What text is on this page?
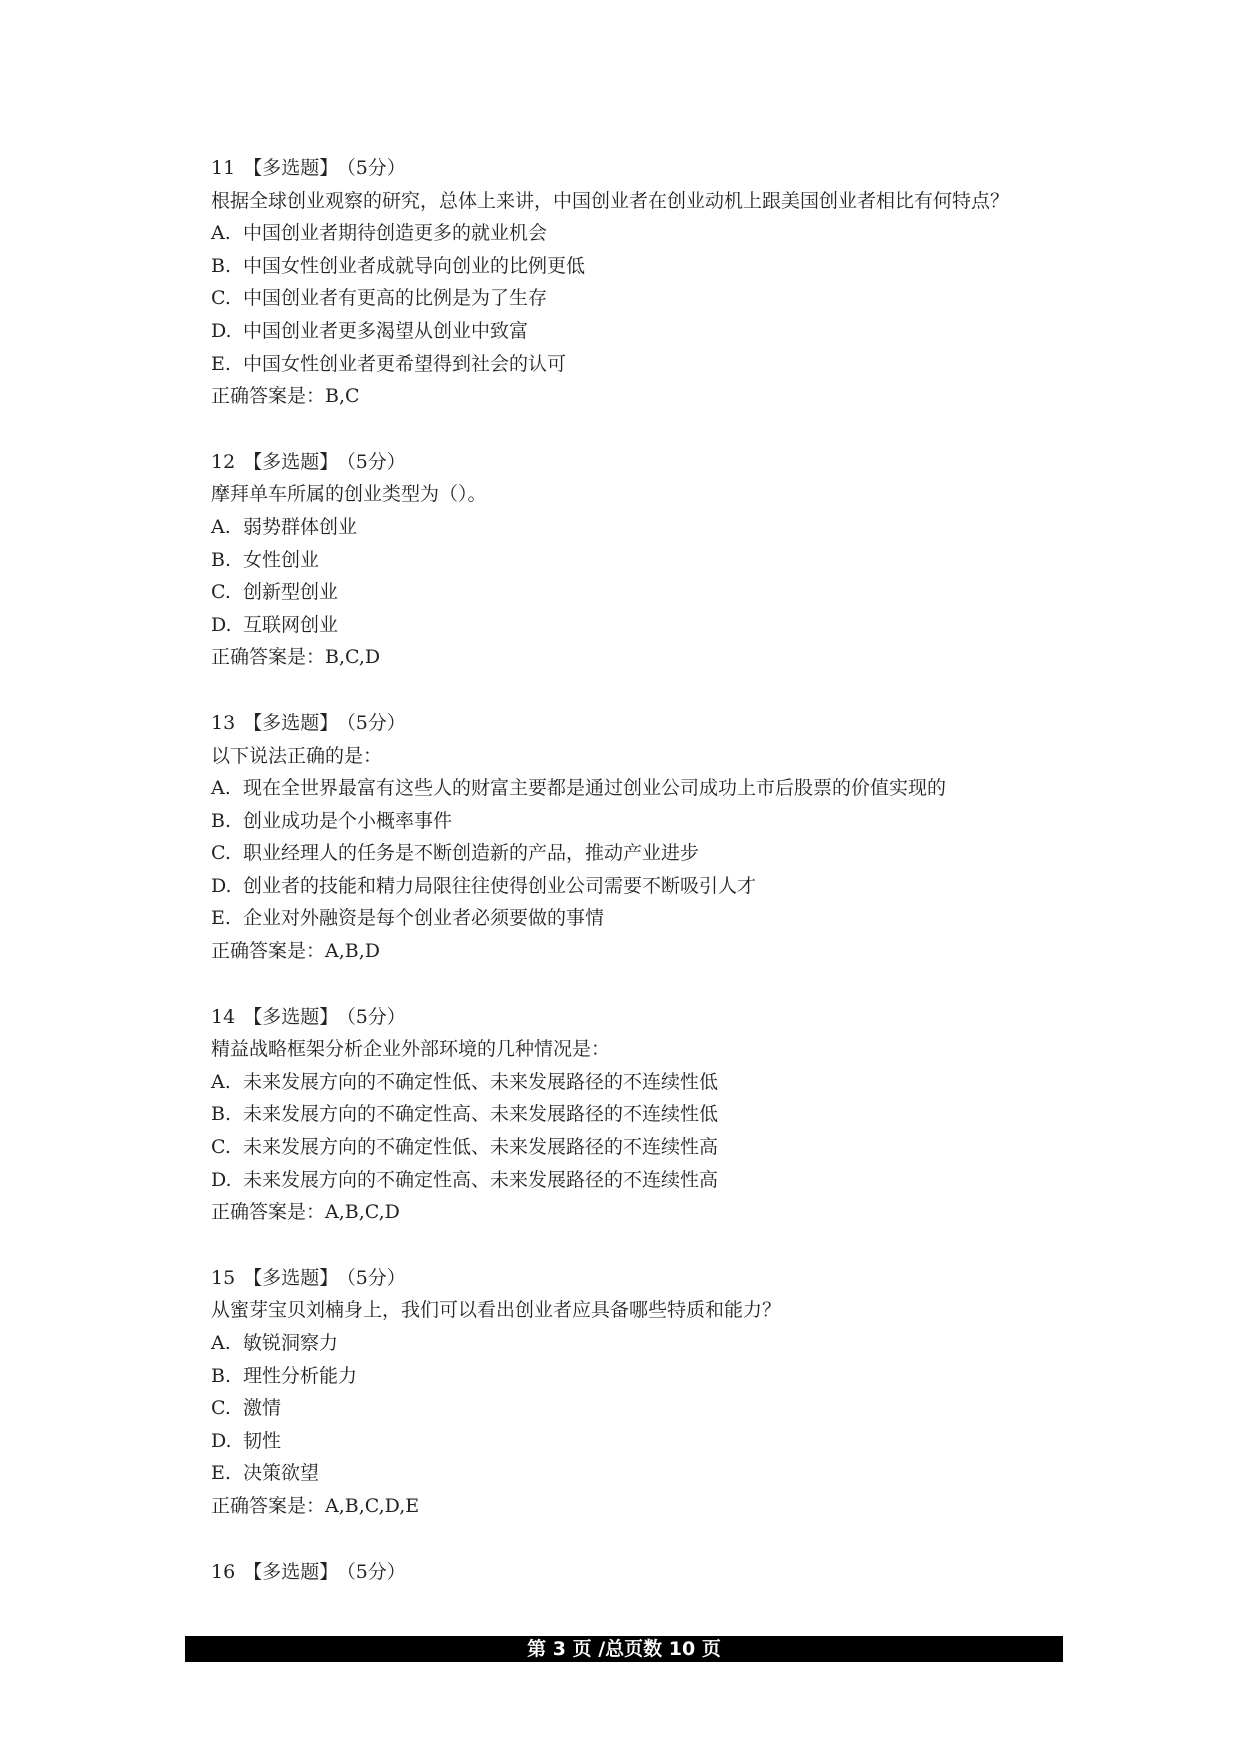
11 【多选题】 （5分）
根据全球创业观察的研究，总体上来讲，中国创业者在创业动机上跟美国创业者相比有何特点？
A. 中国创业者期待创造更多的就业机会
B. 中国女性创业者成就导向创业的比例更低
C. 中国创业者有更高的比例是为了生存
D. 中国创业者更多渴望从创业中致富
E. 中国女性创业者更希望得到社会的认可
正确答案是：B,C
12 【多选题】 （5分）
摩拜单车所属的创业类型为（）。
A. 弱势群体创业
B. 女性创业
C. 创新型创业
D. 互联网创业
正确答案是：B,C,D
13 【多选题】 （5分）
以下说法正确的是：
A. 现在全世界最富有这些人的财富主要都是通过创业公司成功上市后股票的价值实现的
B. 创业成功是个小概率事件
C. 职业经理人的任务是不断创造新的产品，推动产业进步
D. 创业者的技能和精力局限往往使得创业公司需要不断吸引人才
E. 企业对外融资是每个创业者必须要做的事情
正确答案是：A,B,D
14 【多选题】 （5分）
精益战略框架分析企业外部环境的几种情况是：
A. 未来发展方向的不确定性低、未来发展路径的不连续性低
B. 未来发展方向的不确定性高、未来发展路径的不连续性低
C. 未来发展方向的不确定性低、未来发展路径的不连续性高
D. 未来发展方向的不确定性高、未来发展路径的不连续性高
正确答案是：A,B,C,D
15 【多选题】 （5分）
从蜜芽宝贝刘楠身上，我们可以看出创业者应具备哪些特质和能力？
A. 敏锐洞察力
B. 理性分析能力
C. 激情
D. 韧性
E. 决策欲望
正确答案是：A,B,C,D,E
16 【多选题】 （5分）
第 3 页 /总页数 10 页
